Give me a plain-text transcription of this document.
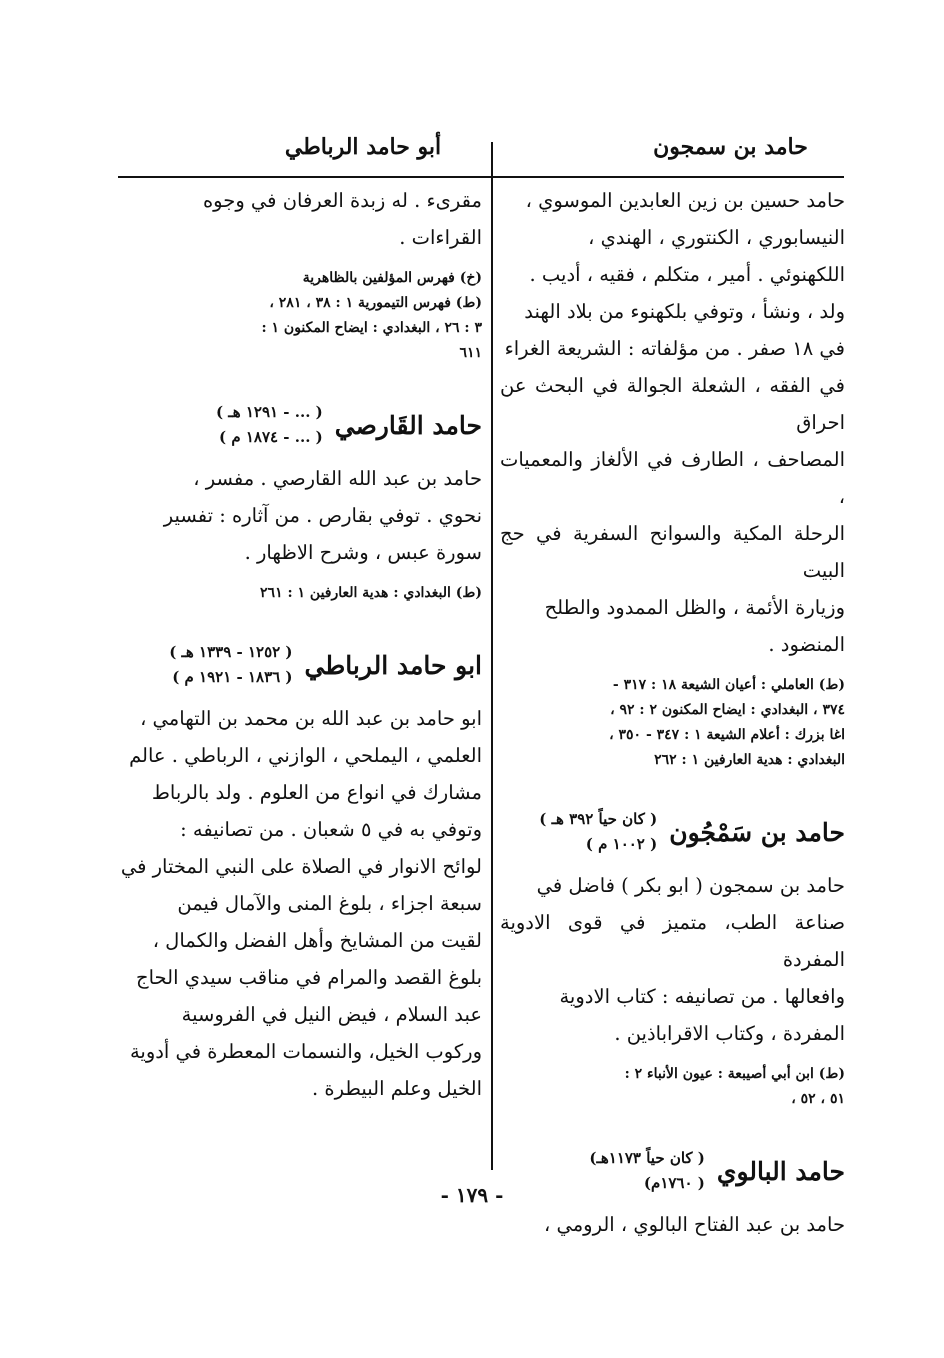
حامد بن سمجون
أبو حامد الرباطي

حامد حسين بن زين العابدين الموسوي ،
النيسابوري ، الكنتوري ، الهندي ،
اللكهنوئي . أمير ، متكلم ، فقيه ، أديب .
ولد ، ونشأ ، وتوفي بلكهنوء من بلاد الهند
في ١٨ صفر . من مؤلفاته : الشريعة الغراء
في الفقه ، الشعلة الجوالة في البحث عن احراق
المصاحف ، الطارف في الألغاز والمعميات ،
الرحلة المكية والسوانح السفرية في حج البيت
وزيارة الأئمة ، والظل الممدود والطلح
المنضود .

(ط) العاملي : أعيان الشيعة ١٨ : ٣١٧ -
٣٧٤ ، البغدادي : ايضاح المكنون ٢ : ٩٢ ،
اغا بزرك : أعلام الشيعة ١ : ٣٤٧ - ٣٥٠ ،
البغدادي : هدية العارفين ١ : ٢٦٢

حامد بن سَمْجُون
( كان حياً ٣٩٢ هـ )
( ١٠٠٢ م )

حامد بن سمجون ( ابو بكر ) فاضل في
صناعة الطب، متميز في قوى الادوية المفردة
وافعالها . من تصانيفه : كتاب الادوية
المفردة ، وكتاب الاقراباذين .

(ط) ابن أبي أصيبعة : عيون الأنباء ٢ :
٥١ ، ٥٢ ،

حامد البالوي
( كان حياً ١١٧٣هـ)
( ١٧٦٠م)

حامد بن عبد الفتاح البالوي ، الرومي ،

مقرىء . له زبدة العرفان في وجوه
القراءات .

(خ) فهرس المؤلفين بالظاهرية
(ط) فهرس التيمورية ١ : ٣٨ ، ٢٨١ ،
٣ : ٢٦ ، البغدادي : ايضاح المكنون ١ :
٦١١

حامد القَارصي
( ... - ١٢٩١ هـ )
( ... - ١٨٧٤ م )

حامد بن عبد الله القارصي . مفسر ،
نحوي . توفي بقارص . من آثاره : تفسير
سورة عبس ، وشرح الاظهار .

(ط) البغدادي : هدية العارفين ١ : ٢٦١

ابو حامد الرباطي
( ١٢٥٢ - ١٣٣٩ هـ )
( ١٨٣٦ - ١٩٢١ م )

ابو حامد بن عبد الله بن محمد بن التهامي ،
العلمي ، اليملحي ، الوازني ، الرباطي . عالم
مشارك في انواع من العلوم . ولد بالرباط
وتوفي به في ٥ شعبان . من تصانيفه :
لوائح الانوار في الصلاة على النبي المختار في
سبعة اجزاء ، بلوغ المنى والآمال فيمن
لقيت من المشايخ وأهل الفضل والكمال ،
بلوغ القصد والمرام في مناقب سيدي الحاج
عبد السلام ، فيض النيل في الفروسية
وركوب الخيل، والنسمات المعطرة في أدوية
الخيل وعلم البيطرة .

- ١٧٩ -
